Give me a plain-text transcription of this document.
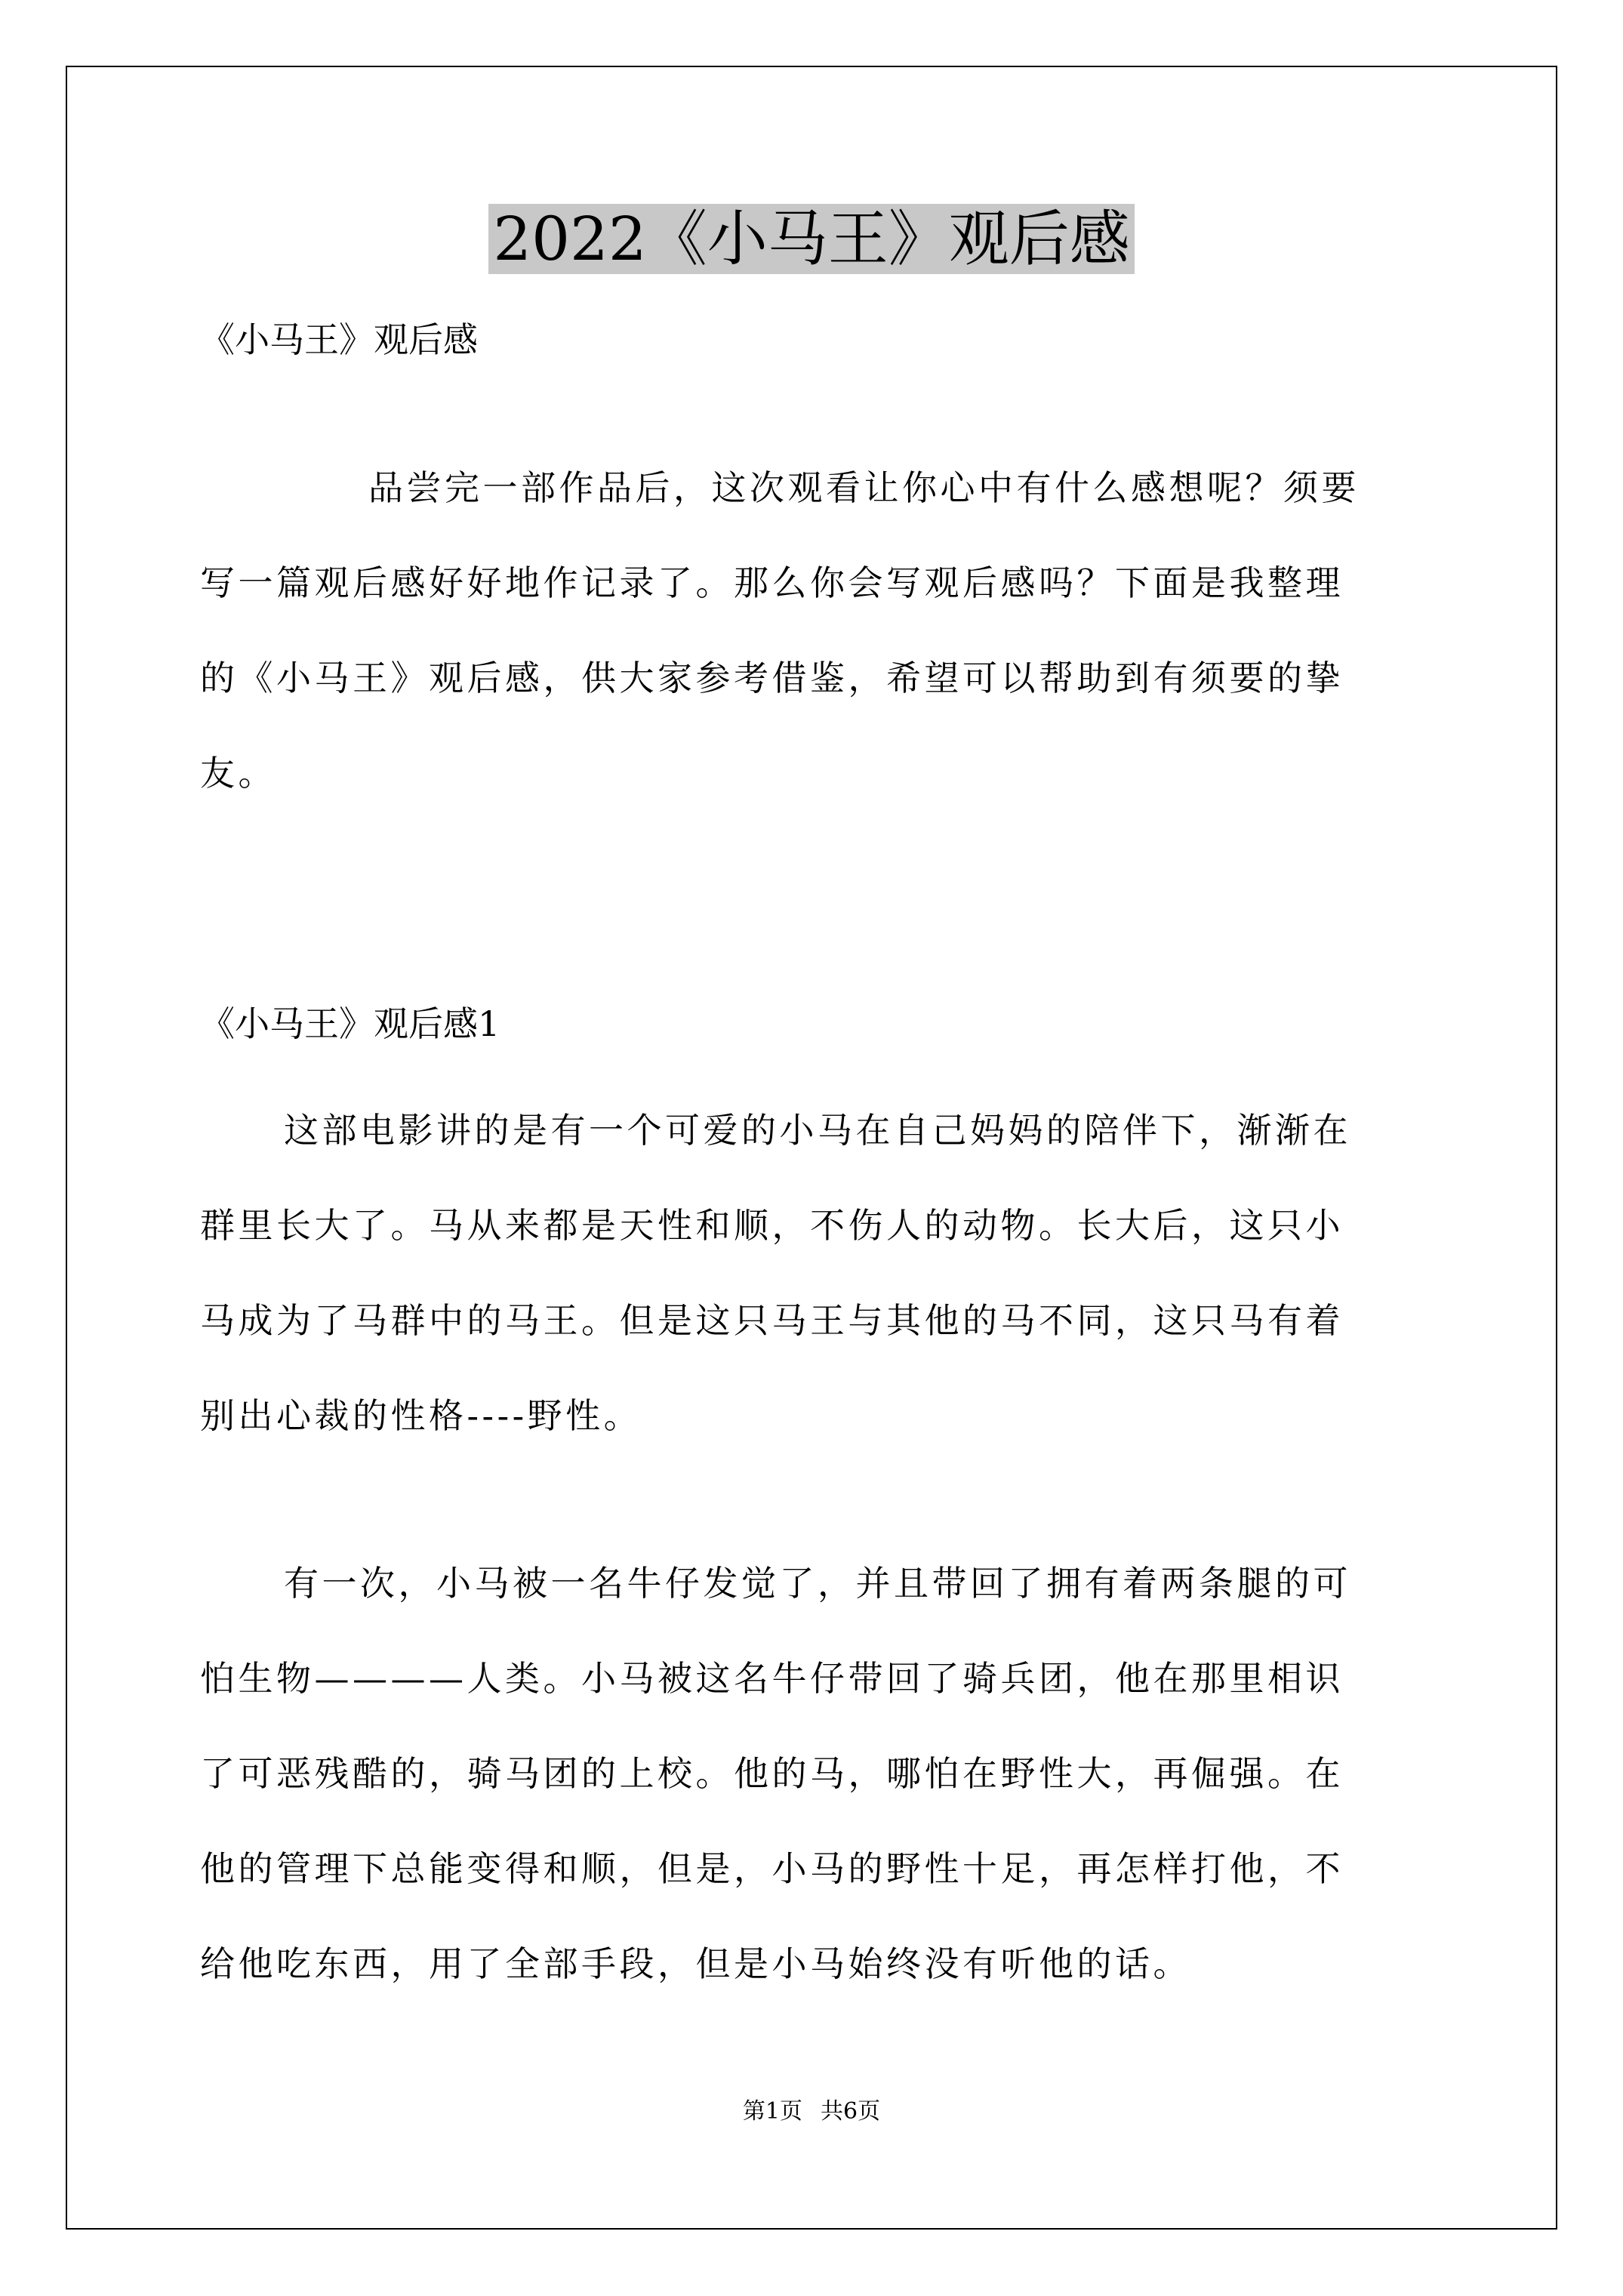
2022《小马王》观后感

《小马王》观后感

品尝完一部作品后，这次观看让你心中有什么感想呢？须要
写一篇观后感好好地作记录了。那么你会写观后感吗？下面是我整理
的《小马王》观后感，供大家参考借鉴，希望可以帮助到有须要的挚
友。

《小马王》观后感1

这部电影讲的是有一个可爱的小马在自己妈妈的陪伴下，渐渐在
群里长大了。马从来都是天性和顺，不伤人的动物。长大后，这只小
马成为了马群中的马王。但是这只马王与其他的马不同，这只马有着
别出心裁的性格----野性。
有一次，小马被一名牛仔发觉了，并且带回了拥有着两条腿的可
怕生物————人类。小马被这名牛仔带回了骑兵团，他在那里相识
了可恶残酷的，骑马团的上校。他的马，哪怕在野性大，再倔强。在
他的管理下总能变得和顺，但是，小马的野性十足，再怎样打他，不
给他吃东西，用了全部手段，但是小马始终没有听他的话。
第1页 共6页
